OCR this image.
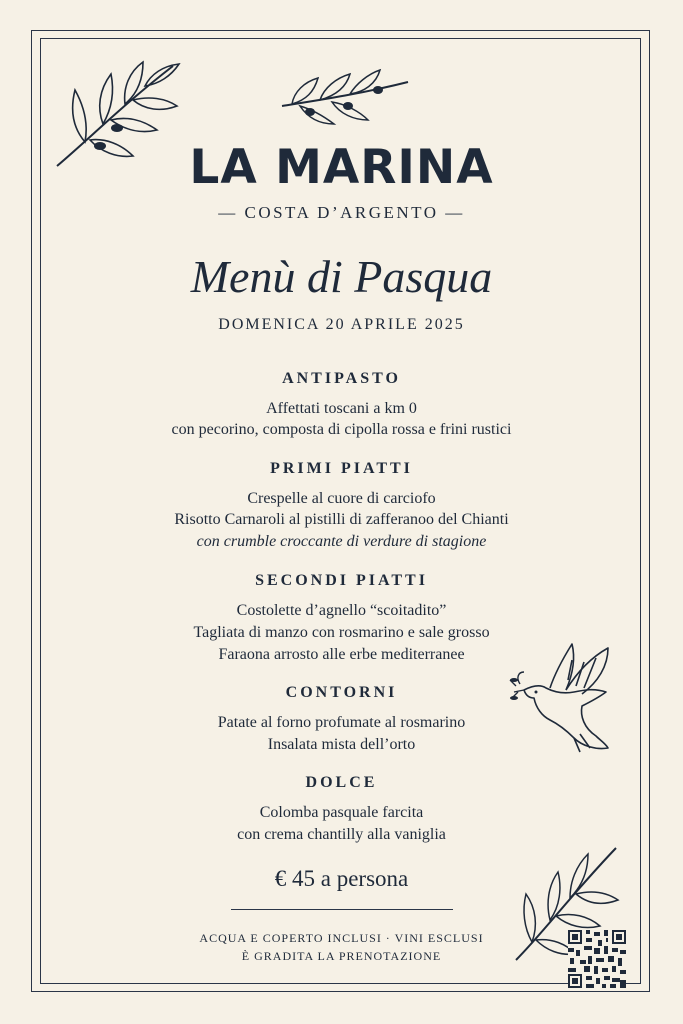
LA MARINA
— COSTA D’ARGENTO —
Menù di Pasqua
DOMENICA 20 APRILE 2025
ANTIPASTO
Affettati toscani a km 0
con pecorino, composta di cipolla rossa e frini rustici
PRIMI PIATTI
Crespelle al cuore di carciofo
Risotto Carnaroli al pistilli di zafferanoo del Chianti
con crumble croccante di verdure di stagione
SECONDI PIATTI
Costolette d’agnello “scoitadito”
Tagliata di manzo con rosmarino e sale grosso
Faraona arrosto alle erbe mediterranee
CONTORNI
Patate al forno profumate al rosmarino
Insalata mista dell’orto
DOLCE
Colomba pasquale farcita
con crema chantilly alla vaniglia
€ 45 a persona
ACQUA E COPERTO INCLUSI · VINI ESCLUSI
È GRADITA LA PRENOTAZIONE
